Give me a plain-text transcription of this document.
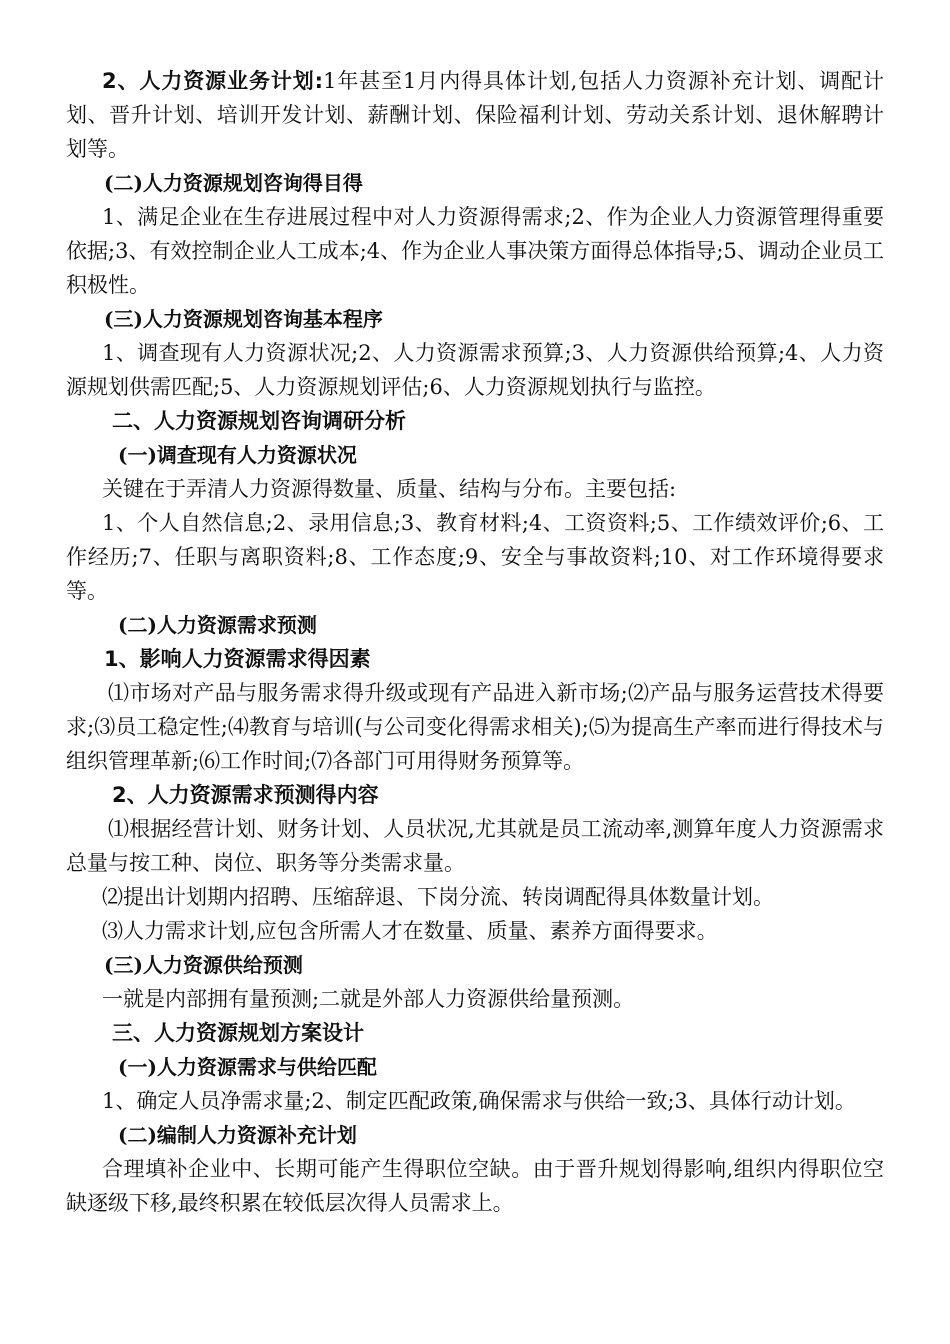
2、人力资源业务计划:1年甚至1月内得具体计划,包括人力资源补充计划、调配计划、晋升计划、培训开发计划、薪酬计划、保险福利计划、劳动关系计划、退休解聘计划等。

(二)人力资源规划咨询得目得

1、满足企业在生存进展过程中对人力资源得需求;2、作为企业人力资源管理得重要依据;3、有效控制企业人工成本;4、作为企业人事决策方面得总体指导;5、调动企业员工积极性。

(三)人力资源规划咨询基本程序

1、调查现有人力资源状况;2、人力资源需求预算;3、人力资源供给预算;4、人力资源规划供需匹配;5、人力资源规划评估;6、人力资源规划执行与监控。

二、人力资源规划咨询调研分析

(一)调查现有人力资源状况

关键在于弄清人力资源得数量、质量、结构与分布。主要包括:

1、个人自然信息;2、录用信息;3、教育材料;4、工资资料;5、工作绩效评价;6、工作经历;7、任职与离职资料;8、工作态度;9、安全与事故资料;10、对工作环境得要求等。

(二)人力资源需求预测

1、影响人力资源需求得因素

⑴市场对产品与服务需求得升级或现有产品进入新市场;⑵产品与服务运营技术得要求;⑶员工稳定性;⑷教育与培训(与公司变化得需求相关);⑸为提高生产率而进行得技术与组织管理革新;⑹工作时间;⑺各部门可用得财务预算等。

2、人力资源需求预测得内容

⑴根据经营计划、财务计划、人员状况,尤其就是员工流动率,测算年度人力资源需求总量与按工种、岗位、职务等分类需求量。

⑵提出计划期内招聘、压缩辞退、下岗分流、转岗调配得具体数量计划。

⑶人力需求计划,应包含所需人才在数量、质量、素养方面得要求。

(三)人力资源供给预测

一就是内部拥有量预测;二就是外部人力资源供给量预测。

三、人力资源规划方案设计

(一)人力资源需求与供给匹配

1、确定人员净需求量;2、制定匹配政策,确保需求与供给一致;3、具体行动计划。

(二)编制人力资源补充计划

合理填补企业中、长期可能产生得职位空缺。由于晋升规划得影响,组织内得职位空缺逐级下移,最终积累在较低层次得人员需求上。
